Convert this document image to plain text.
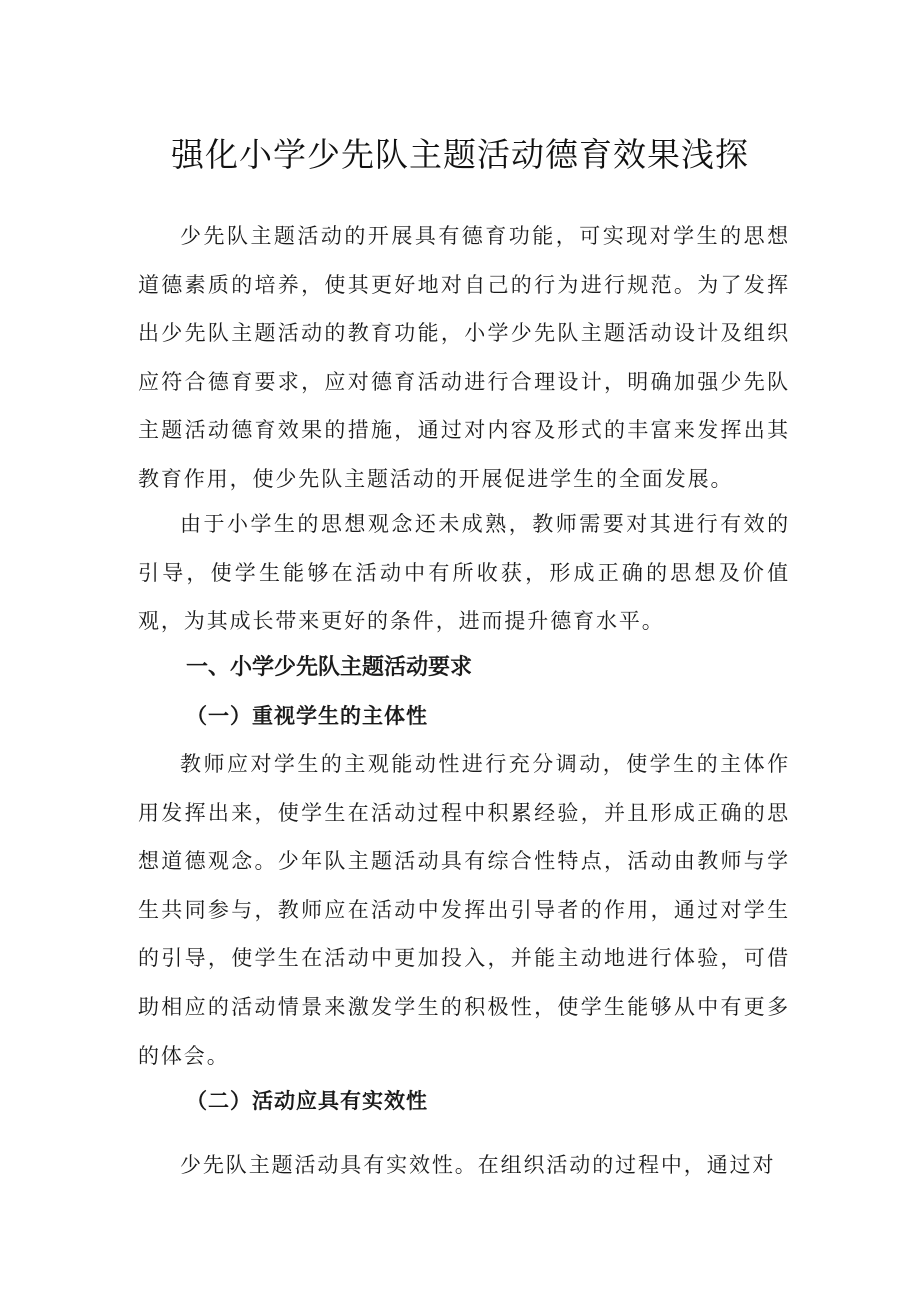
强化小学少先队主题活动德育效果浅探

少先队主题活动的开展具有德育功能，可实现对学生的思想道德素质的培养，使其更好地对自己的行为进行规范。为了发挥出少先队主题活动的教育功能，小学少先队主题活动设计及组织应符合德育要求，应对德育活动进行合理设计，明确加强少先队主题活动德育效果的措施，通过对内容及形式的丰富来发挥出其教育作用，使少先队主题活动的开展促进学生的全面发展。

由于小学生的思想观念还未成熟，教师需要对其进行有效的引导，使学生能够在活动中有所收获，形成正确的思想及价值观，为其成长带来更好的条件，进而提升德育水平。

一、小学少先队主题活动要求
（一）重视学生的主体性

教师应对学生的主观能动性进行充分调动，使学生的主体作用发挥出来，使学生在活动过程中积累经验，并且形成正确的思想道德观念。少年队主题活动具有综合性特点，活动由教师与学生共同参与，教师应在活动中发挥出引导者的作用，通过对学生的引导，使学生在活动中更加投入，并能主动地进行体验，可借助相应的活动情景来激发学生的积极性，使学生能够从中有更多的体会。

（二）活动应具有实效性

少先队主题活动具有实效性。在组织活动的过程中，通过对
